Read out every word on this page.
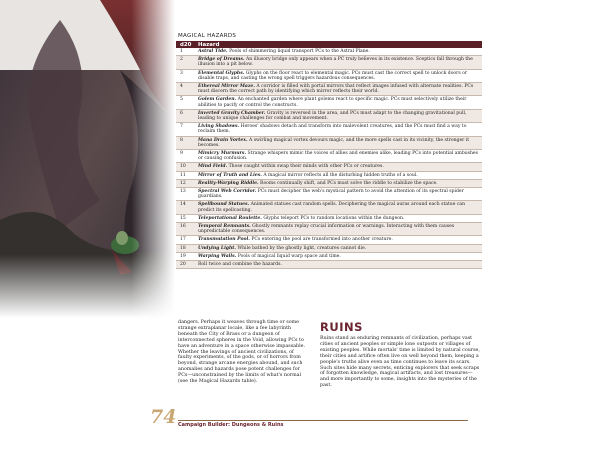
MAGICAL HAZARDS
d20	Hazard
1	Astral Tide. Pools of shimmering liquid transport PCs to the Astral Plane.
2	Bridge of Dreams. An illusory bridge only appears when a PC truly believes in its existence. Sceptics fall through the illusion into a pit below.
3	Elemental Glyphs. Glyphs on the floor react to elemental magic. PCs must cast the correct spell to unlock doors or disable traps, and casting the wrong spell triggers hazardous consequences.
4	Ethereal Mirror Maze. A corridor is filled with portal mirrors that reflect images infused with alternate realities. PCs must discern the correct path by identifying which mirror reflects their world.
5	Golem Garden. An enchanted garden where plant golems react to specific magic. PCs must selectively utilize their abilities to pacify or control the constructs.
6	Inverted Gravity Chamber. Gravity is reversed in the area, and PCs must adapt to the changing gravitational pull, leading to unique challenges for combat and movement.
7	Living Shadows. Heroes' shadows detach and transform into malevolent creatures, and the PCs must find a way to reclaim them.
8	Mana Drain Vortex. A swirling magical vortex devours magic, and the more spells cast in its vicinity, the stronger it becomes.
9	Mimicry Murmurs. Strange whispers mimic the voices of allies and enemies alike, leading PCs into potential ambushes or causing confusion.
10	Mind Field. Those caught within swap their minds with other PCs or creatures.
11	Mirror of Truth and Lies. A magical mirror reflects all the disturbing hidden truths of a soul.
12	Reality-Warping Riddle. Rooms continually shift, and PCs must solve the riddle to stabilize the space.
13	Spectral Web Corridor. PCs must decipher the web's mystical pattern to avoid the attention of its spectral spider guardians.
14	Spellbound Statues. Animated statues cast random spells. Deciphering the magical auras around each statue can predict its spellcasting.
15	Teleportational Roulette. Glyphs teleport PCs to random locations within the dungeon.
16	Temporal Remnants. Ghostly remnants replay crucial information or warnings. Interacting with them causes unpredictable consequences.
17	Transmutation Pool. PCs entering the pool are transformed into another creature.
18	Undying Light. While bathed by the ghostly light, creatures cannot die.
19	Warping Walls. Pools of magical liquid warp space and time.
20	Roll twice and combine the hazards.
dangers. Perhaps it weaves through time or some strange extraplanar locale, like a fee labyrinth beneath the City of Brass or a dungeon of interconnected spheres in the Void, allowing PCs to have an adventure in a space otherwise impassable. Whether the leavings of ancient civilizations, of faulty experiments, of the gods, or of horrors from beyond, strange arcane energies abound, and such anomalies and hazards pose potent challenges for PCs—unconstrained by the limits of what's normal (see the Magical Hazards table).
RUINS

Ruins stand as enduring remnants of civilization, perhaps vast cities of ancient peoples or simple lone outposts or villages of existing peoples. While mortals' time is limited by natural course, their cities and artifice often live on well beyond them, keeping a people's truths alive even as time continues to leave its scars. Such sites hide many secrets, enticing explorers that seek scraps of forgotten knowledge, magical artifacts, and lost treasures—and more importantly to some, insights into the mysteries of the past.

74 Campaign Builder: Dungeons & Ruins
